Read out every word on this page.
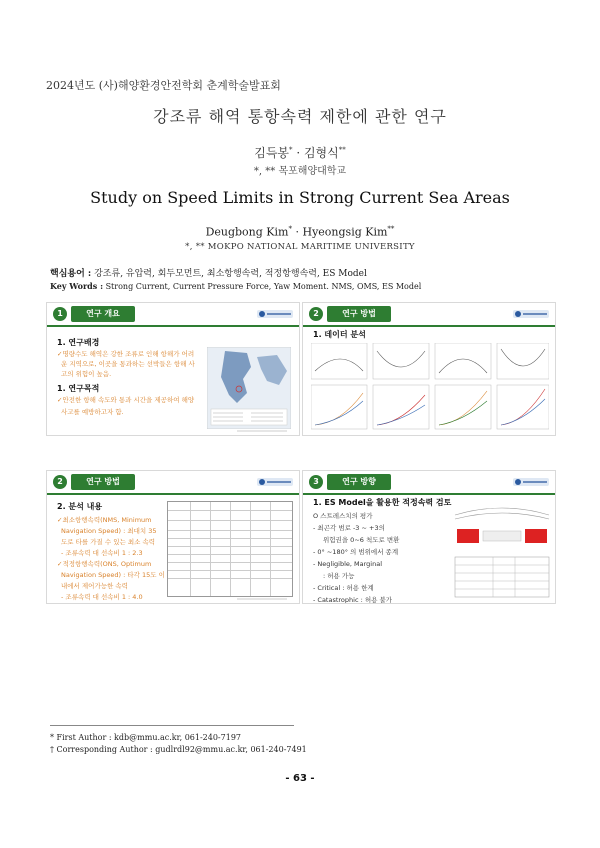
2024년도 (사)해양환경안전학회 춘계학술발표회
강조류 해역 통항속력 제한에 관한 연구
김득봉* · 김형식**
*, ** 목포해양대학교
Study on Speed Limits in Strong Current Sea Areas
Deugbong Kim* · Hyeongsig Kim**
*, ** MOKPO NATIONAL MARITIME UNIVERSITY
핵심용어 : 강조류, 유압력, 회두모먼트, 최소항행속력, 적정항행속력, ES Model
Key Words : Strong Current, Current Pressure Force, Yaw Moment. NMS, OMS, ES Model
1	연구 개요
1. 연구배경
✓명량수도 해역은 강한 조류로 인해 항해가 어려
운 지역으로, 이곳을 통과하는 선박들은 항해 사
고의 위험이 높음.
1. 연구목적
✓안전한 항해 속도와 통과 시간을 제공하여 해양
사고를 예방하고자 함.
2	연구 방법
1. 데이터 분석
2	연구 방법
2. 분석 내용
✓최소항행속력(NMS, Minimum
Navigation Speed) : 최대치 35
도로 타를 가질 수 있는 최소 속력
- 조류속력 대 선속비 1 : 2.3
✓적정항행속력(ONS, Optimum
Navigation Speed) : 타각 15도 이
내에서 제어가능한 속력
- 조류속력 대 선속비 1 : 4.0
3	연구 방향
1. ES Model을 활용한 적정속력 검토
O 스트레스치의 평가
- 최곤각 범로 -3 ~ +3의
위험권을 0~6 척도로 변환
- 0° ~180° 의 범위에서 종계
- Negligible, Marginal
: 허용 가능
- Critical : 허용 한계
- Catastrophic : 허용 불가
* First Author : kdb@mmu.ac.kr, 061-240-7197
† Corresponding Author : gudlrdl92@mmu.ac.kr, 061-240-7491
- 63 -
